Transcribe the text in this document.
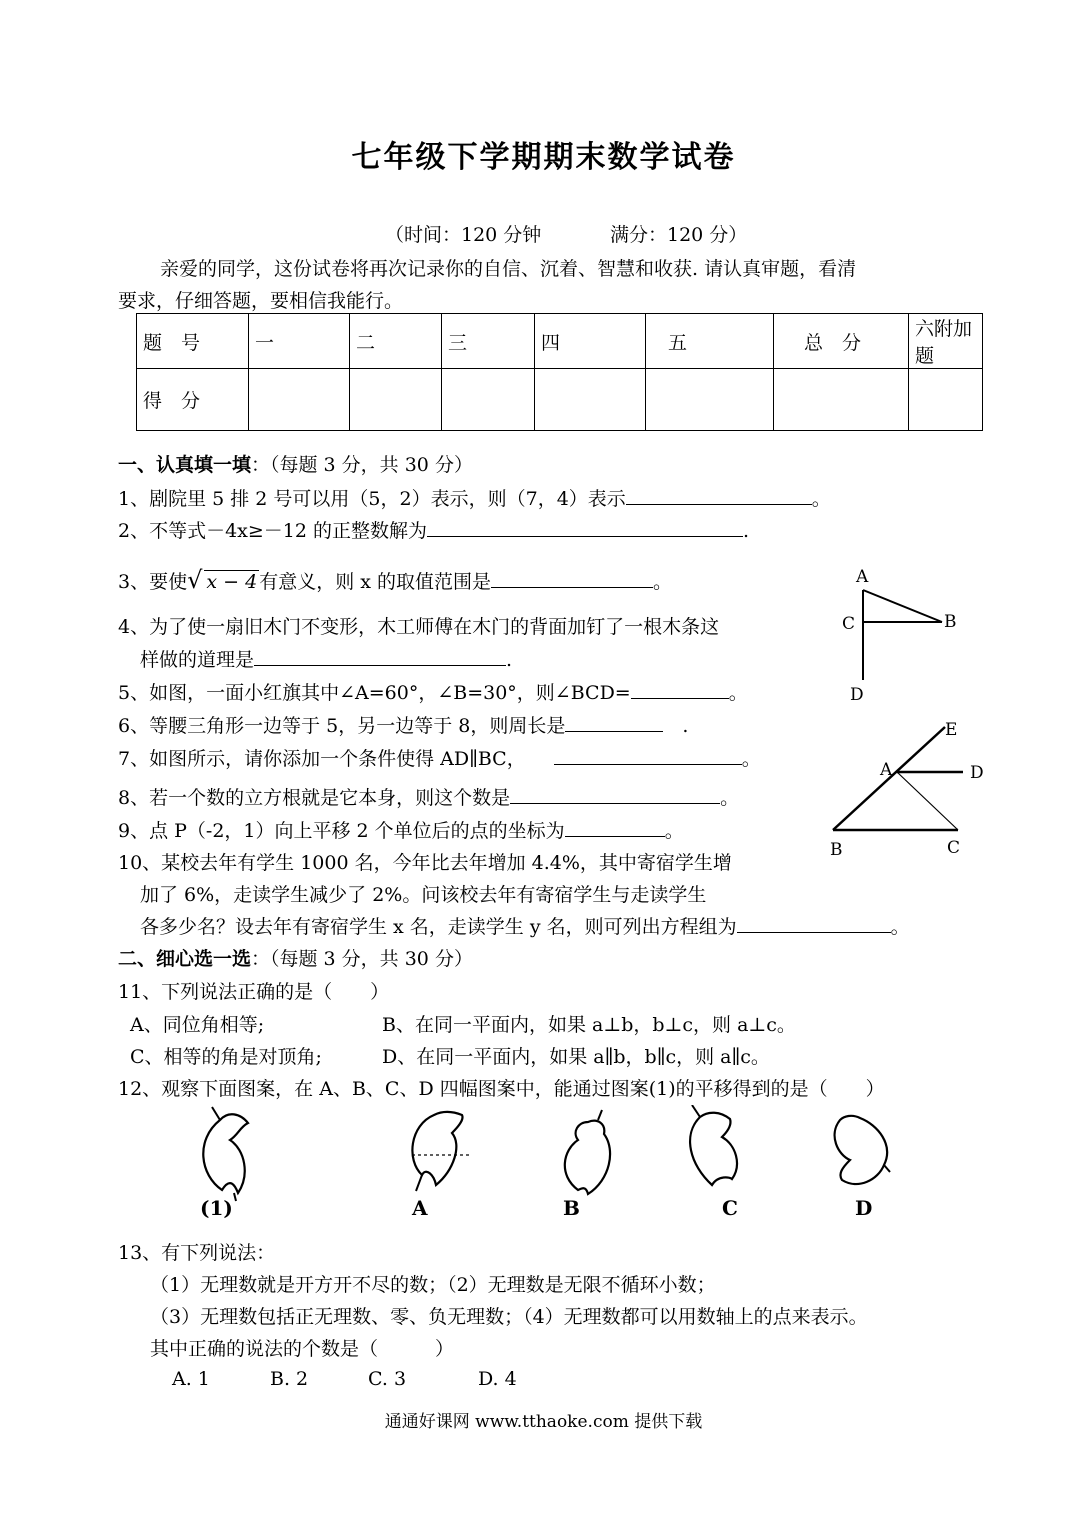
七年级下学期期末数学试卷
（时间：120 分钟	满分：120 分）
亲爱的同学，这份试卷将再次记录你的自信、沉着、智慧和收获. 请认真审题，看清
要求，仔细答题，要相信我能行。
题　号	一	二	三	四	五	总　分	六附加题
得　分							
一、认真填一填：（每题 3 分，共 30 分）
1、剧院里 5 排 2 号可以用（5，2）表示，则（7，4）表示	。
2、不等式－4x≥－12 的正整数解为	.
3、要使√ x − 4 有意义，则 x 的取值范围是	。
4、为了使一扇旧木门不变形，木工师傅在木门的背面加钉了一根木条这
样做的道理是	.
5、如图，一面小红旗其中∠A=60°，∠B=30°，则∠BCD=	。
6、等腰三角形一边等于 5，另一边等于 8，则周长是	　.
7、如图所示，请你添加一个条件使得 AD∥BC，	。
8、若一个数的立方根就是它本身，则这个数是	。
9、点 P（-2，1）向上平移 2 个单位后的点的坐标为	。
10、某校去年有学生 1000 名，今年比去年增加 4.4%，其中寄宿学生增
加了 6%，走读学生减少了 2%。问该校去年有寄宿学生与走读学生
各多少名？设去年有寄宿学生 x 名，走读学生 y 名，则可列出方程组为	。
二、细心选一选：（每题 3 分，共 30 分）
11、下列说法正确的是（　　）
A、同位角相等;	B、在同一平面内，如果 a⊥b，b⊥c，则 a⊥c。
C、相等的角是对顶角;	D、在同一平面内，如果 a∥b，b∥c，则 a∥c。
12、观察下面图案，在 A、B、C、D 四幅图案中，能通过图案(1)的平移得到的是（　　）
(1)	A	B	C	D
13、有下列说法：
（1）无理数就是开方开不尽的数；（2）无理数是无限不循环小数；
（3）无理数包括正无理数、零、负无理数；（4）无理数都可以用数轴上的点来表示。
其中正确的说法的个数是（　　　）
A. 1	B. 2	C. 3	D. 4
A
C	B
D
E
A	D
B	C
通通好课网 www.tthaoke.com 提供下载
